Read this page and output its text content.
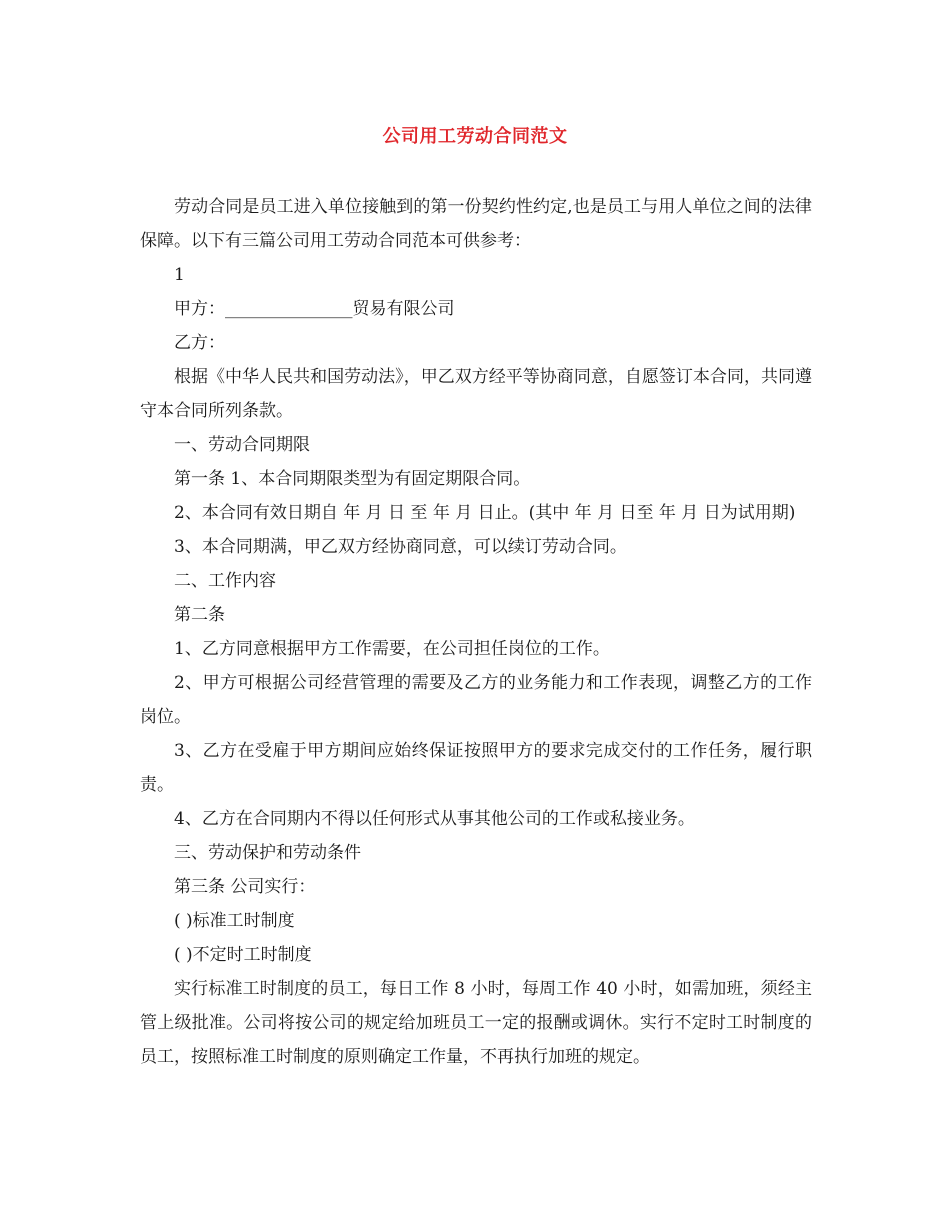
公司用工劳动合同范文

劳动合同是员工进入单位接触到的第一份契约性约定,也是员工与用人单位之间的法律保障。以下有三篇公司用工劳动合同范本可供参考：

1

甲方：_______________贸易有限公司

乙方：

根据《中华人民共和国劳动法》，甲乙双方经平等协商同意，自愿签订本合同，共同遵守本合同所列条款。

一、劳动合同期限

第一条 1、本合同期限类型为有固定期限合同。

2、本合同有效日期自 年 月 日 至 年 月 日止。(其中 年 月 日至 年 月 日为试用期)

3、本合同期满，甲乙双方经协商同意，可以续订劳动合同。

二、工作内容

第二条

1、乙方同意根据甲方工作需要，在公司担任岗位的工作。

2、甲方可根据公司经营管理的需要及乙方的业务能力和工作表现，调整乙方的工作岗位。

3、乙方在受雇于甲方期间应始终保证按照甲方的要求完成交付的工作任务，履行职责。

4、乙方在合同期内不得以任何形式从事其他公司的工作或私接业务。

三、劳动保护和劳动条件

第三条 公司实行：

( )标准工时制度

( )不定时工时制度

实行标准工时制度的员工，每日工作 8 小时，每周工作 40 小时，如需加班，须经主管上级批准。公司将按公司的规定给加班员工一定的报酬或调休。实行不定时工时制度的员工，按照标准工时制度的原则确定工作量，不再执行加班的规定。
